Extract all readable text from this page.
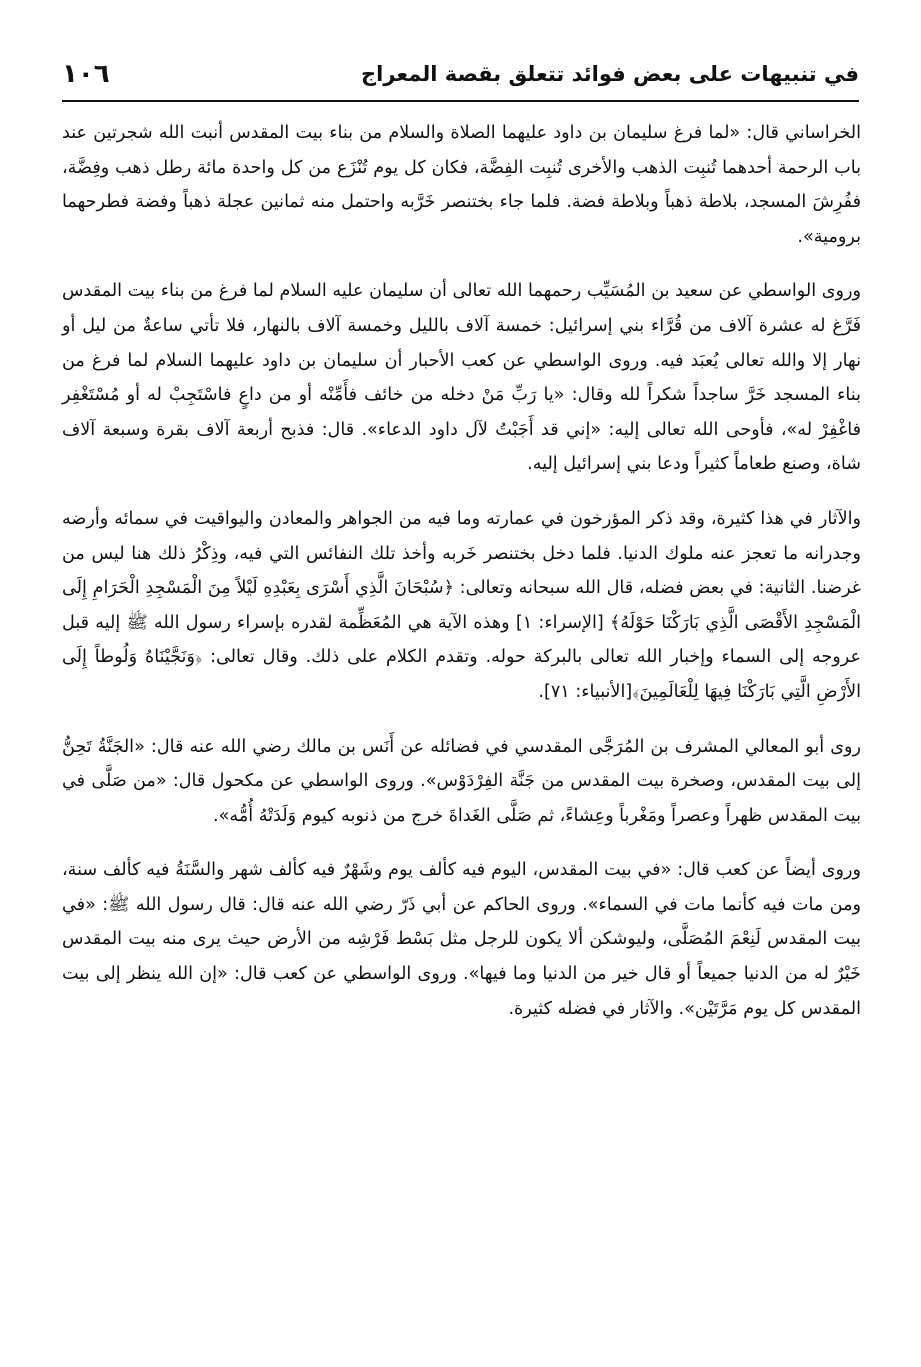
في تنبيهات على بعض فوائد تتعلق بقصة المعراج
١٠٦

الخراساني قال: «لما فرغ سليمان بن داود عليهما الصلاة والسلام من بناء بيت المقدس أنبت الله شجرتين عند باب الرحمة أحدهما تُنبِت الذهب والأخرى تُنبِت الفِضَّة، فكان كل يوم تُنْزَع من كل واحدة مائة رطل ذهب وفِضَّة، ففُرِشَ المسجد، بلاطة ذهباً وبلاطة فضة. فلما جاء بختنصر خَرَّبه واحتمل منه ثمانين عجلة ذهباً وفضة فطرحهما برومية».

وروى الواسطي عن سعيد بن المُسَيِّب رحمهما الله تعالى أن سليمان عليه السلام لما فرغ من بناء بيت المقدس فَرَّغ له عشرة آلاف من قُرَّاء بني إسرائيل: خمسة آلاف بالليل وخمسة آلاف بالنهار، فلا تأتي ساعةٌ من ليل أو نهار إلا والله تعالى يُعبَد فيه. وروى الواسطي عن كعب الأحبار أن سليمان بن داود عليهما السلام لما فرغ من بناء المسجد خَرَّ ساجداً شكراً لله وقال: «يا رَبِّ مَنْ دخله من خائف فأَمِّنْه أو من داعٍ فاسْتَجِبْ له أو مُسْتَغْفِر فاغْفِرْ له»، فأوحى الله تعالى إليه: «إني قد أَجَبْتُ لآل داود الدعاء». قال: فذبح أربعة آلاف بقرة وسبعة آلاف شاة، وصنع طعاماً كثيراً ودعا بني إسرائيل إليه.

والآثار في هذا كثيرة، وقد ذكر المؤرخون في عمارته وما فيه من الجواهر والمعادن واليواقيت في سمائه وأرضه وجدرانه ما تعجز عنه ملوك الدنيا. فلما دخل بختنصر خَربه وأخذ تلك النفائس التي فيه، وذِكْرُ ذلك هنا ليس من غرضنا. الثانية: في بعض فضله، قال الله سبحانه وتعالى: ﴿سُبْحَانَ الَّذِي أَسْرَى بِعَبْدِهِ لَيْلاً مِنَ الْمَسْجِدِ الْحَرَامِ إِلَى الْمَسْجِدِ الأَقْصَى الَّذِي بَارَكْنَا حَوْلَهُ﴾ [الإسراء: ١] وهذه الآية هي المُعَظِّمة لقدره بإسراء رسول الله ﷺ إليه قبل عروجه إلى السماء وإخبار الله تعالى بالبركة حوله. وتقدم الكلام على ذلك. وقال تعالى: ﴿وَنَجَّيْنَاهُ وَلُوطاً إِلَى الأَرْضِ الَّتِي بَارَكْنَا فِيهَا لِلْعَالَمِينَ﴾[الأنبياء: ٧١].

روى أبو المعالي المشرف بن المُرَجَّى المقدسي في فضائله عن أَنَس بن مالك رضي الله عنه قال: «الجَنَّةُ تَحِنُّ إلى بيت المقدس، وصخرة بيت المقدس من جَنَّة الفِرْدَوْس». وروى الواسطي عن مكحول قال: «من صَلَّى في بيت المقدس ظهراً وعصراً ومَغْرباً وعِشاءً، ثم صَلَّى الغَداةَ خرج من ذنوبه كيوم وَلَدَتْهُ أُمُّه».

وروى أيضاً عن كعب قال: «في بيت المقدس، اليوم فيه كألف يوم وشَهْرٌ فيه كألف شهر والسَّنَةُ فيه كألف سنة، ومن مات فيه كأنما مات في السماء». وروى الحاكم عن أبي ذَرّ رضي الله عنه قال: قال رسول الله ﷺ: «في بيت المقدس لَنِعْمَ المُصَلَّى، وليوشكن ألا يكون للرجل مثل بَسْط فَرْشِه من الأرض حيث يرى منه بيت المقدس خَيْرٌ له من الدنيا جميعاً أو قال خير من الدنيا وما فيها». وروى الواسطي عن كعب قال: «إن الله ينظر إلى بيت المقدس كل يوم مَرَّتَيْن». والآثار في فضله كثيرة.
